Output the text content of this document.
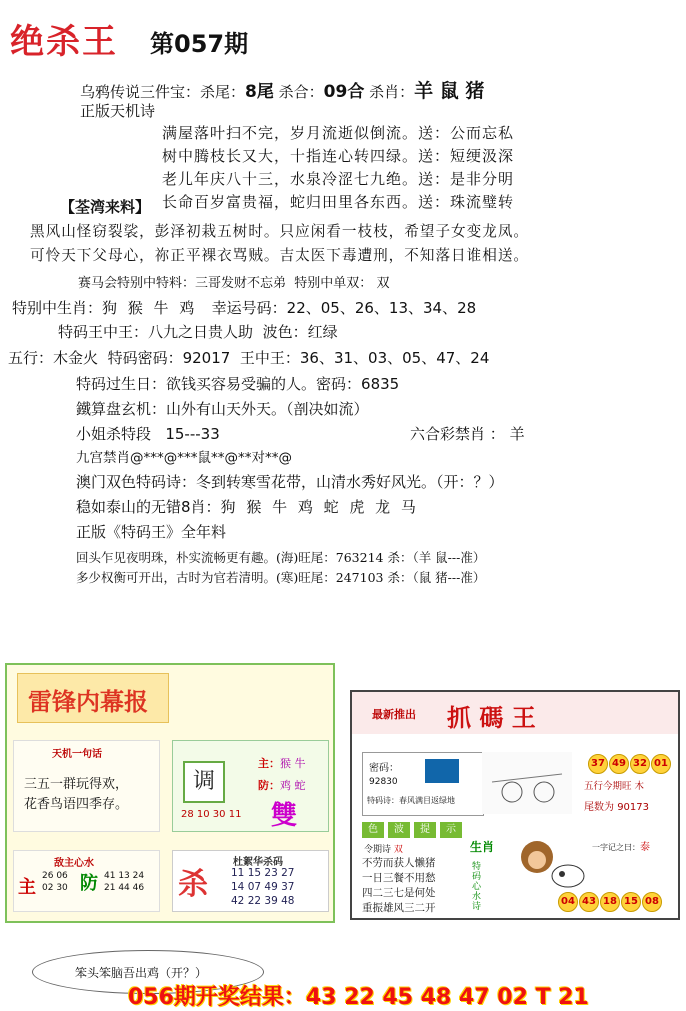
绝杀王 第057期
乌鸦传说三件宝：杀尾：8尾 杀合：09合 杀肖：羊 鼠 猪
正版天机诗
满屋落叶扫不完，岁月流逝似倒流。送：公而忘私
树中腾枝长又大，十指连心转四绿。送：短绠汲深
老儿年庆八十三，水泉冷涩七九绝。送：是非分明
长命百岁富贵福，蛇归田里各东西。送：珠流璧转
【荃湾来料】
黑风山怪窃裂裟，彭泽初栽五树时。只应闲看一枝枝，希望子女变龙凤。
可怜天下父母心，祢正平裸衣骂贼。吉太医下毒遭刑，不知落日谁相送。
赛马会特别中特料：三哥发财不忘弟 特别中单双： 双
特别中生肖：狗 猴 牛 鸡 幸运号码：22、05、26、13、34、28
特码王中王：八九之日贵人助 波色：红绿
五行：木金火 特码密码：92017 王中王：36、31、03、05、47、24
特码过生日：欲钱买容易受骗的人。密码：6835
鐵算盘玄机：山外有山天外天。（剖决如流）
小姐杀特段 15---33	六合彩禁肖 ： 羊
九宫禁肖@***@***鼠**@**对**@
澳门双色特码诗：冬到转寒雪花带，山清水秀好风光。（开：？）
稳如泰山的无错8肖：狗 猴 牛 鸡 蛇 虎 龙 马
正版《特码王》全年料
回头乍见夜明珠，朴实流畅更有趣。(海)旺尾：763214 杀：（羊 鼠---准）
多少权衡可开出，古时为官若清明。(寒)旺尾：247103 杀：（鼠 猪---准）
雷锋内幕报
天机一句话
三五一群玩得欢，
花香鸟语四季存。
调
主：猴 牛
防：鸡 蛇
28 10 30 11 雙
敌主心水
主
26 06
02 30 防 41 13 24
21 44 46 杀
杜絮华杀码
11 15 23 27
14 07 49 37
42 22 39 48
最新推出 抓 碼 王
密码：
92830
特码诗：春风满目返绿地
37 49 32 01
五行今期旺 木
尾数为 90173
色	波	提	示
令期诗 双
不劳而获人懒猪
一日三餐不用愁
四二三七是何处
重振雄风三二开
生肖
特码心水诗
一字记之曰：泰
04 43 18 15 08
笨头笨脑吾出鸡（开？）
056期开奖结果：43 22 45 48 47 02 T 21
